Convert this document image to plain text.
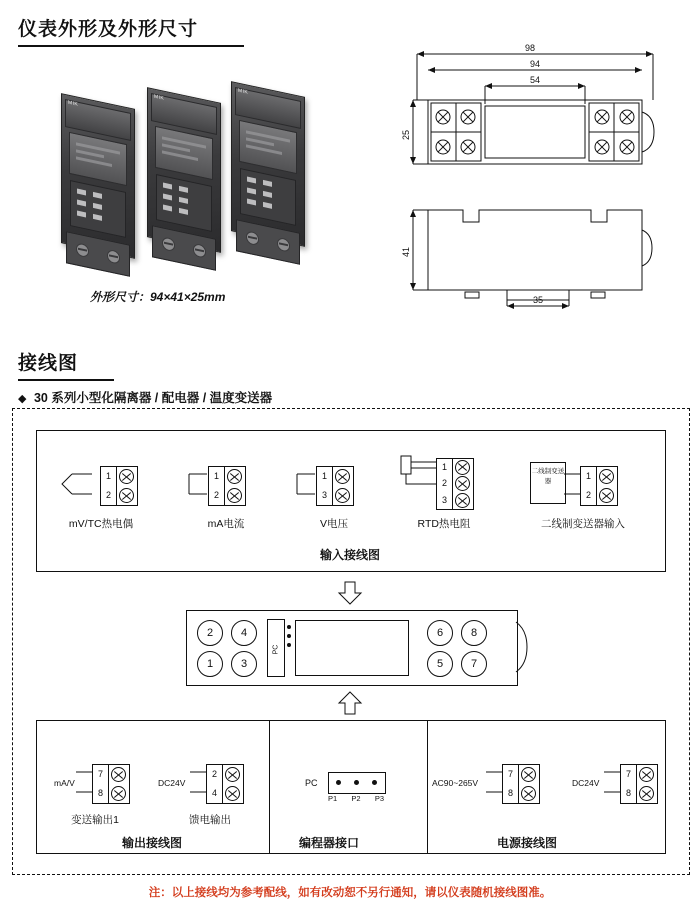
仪表外形及外形尺寸
MIK
MIK
MIK
外形尺寸：94×41×25mm
98
94
54
25
41
35
接线图
◆ 30 系列小型化隔离器 / 配电器 / 温度变送器
1
2
mV/TC热电偶
1
2
mA电流
1
3
V电压
1
2
3
RTD热电阻
二线制变送器
1
2
二线制变送器输入
输入接线图
2	4
1	3
PC
6	8
5	7
mA/V
7
8
变送输出1
DC24V
2
4
馈电输出
输出接线图
PC
P1 P2 P3
编程器接口
AC90~265V
7
8
DC24V
7
8
电源接线图
注：以上接线均为参考配线，如有改动恕不另行通知，请以仪表随机接线图准。
